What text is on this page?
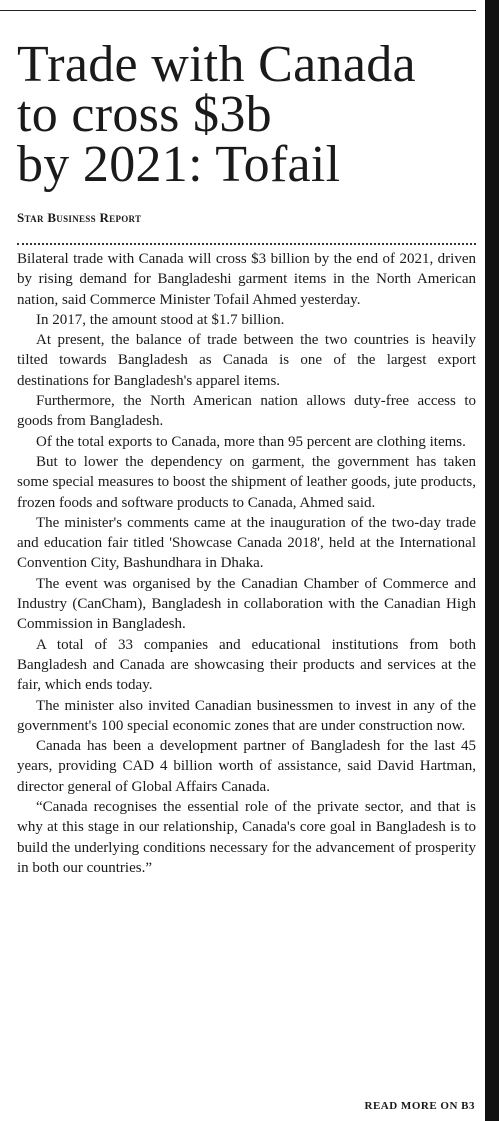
Trade with Canada
to cross $3b
by 2021: Tofail
Star Business Report

Bilateral trade with Canada will cross $3 billion by the end of 2021, driven by rising demand for Bangladeshi garment items in the North American nation, said Commerce Minister Tofail Ahmed yesterday.

In 2017, the amount stood at $1.7 billion.

At present, the balance of trade between the two countries is heavily tilted towards Bangladesh as Canada is one of the largest export destinations for Bangladesh's apparel items.

Furthermore, the North American nation allows duty-free access to goods from Bangladesh.

Of the total exports to Canada, more than 95 percent are clothing items.

But to lower the dependency on garment, the government has taken some special measures to boost the shipment of leather goods, jute products, frozen foods and software products to Canada, Ahmed said.

The minister's comments came at the inauguration of the two-day trade and education fair titled 'Showcase Canada 2018', held at the International Convention City, Bashundhara in Dhaka.

The event was organised by the Canadian Chamber of Commerce and Industry (CanCham), Bangladesh in collaboration with the Canadian High Commission in Bangladesh.

A total of 33 companies and educational institutions from both Bangladesh and Canada are showcasing their products and services at the fair, which ends today.

The minister also invited Canadian businessmen to invest in any of the government's 100 special economic zones that are under construction now.

Canada has been a development partner of Bangladesh for the last 45 years, providing CAD 4 billion worth of assistance, said David Hartman, director general of Global Affairs Canada.

“Canada recognises the essential role of the private sector, and that is why at this stage in our relationship, Canada's core goal in Bangladesh is to build the underlying conditions necessary for the advancement of prosperity in both our countries.”

READ MORE ON B3
